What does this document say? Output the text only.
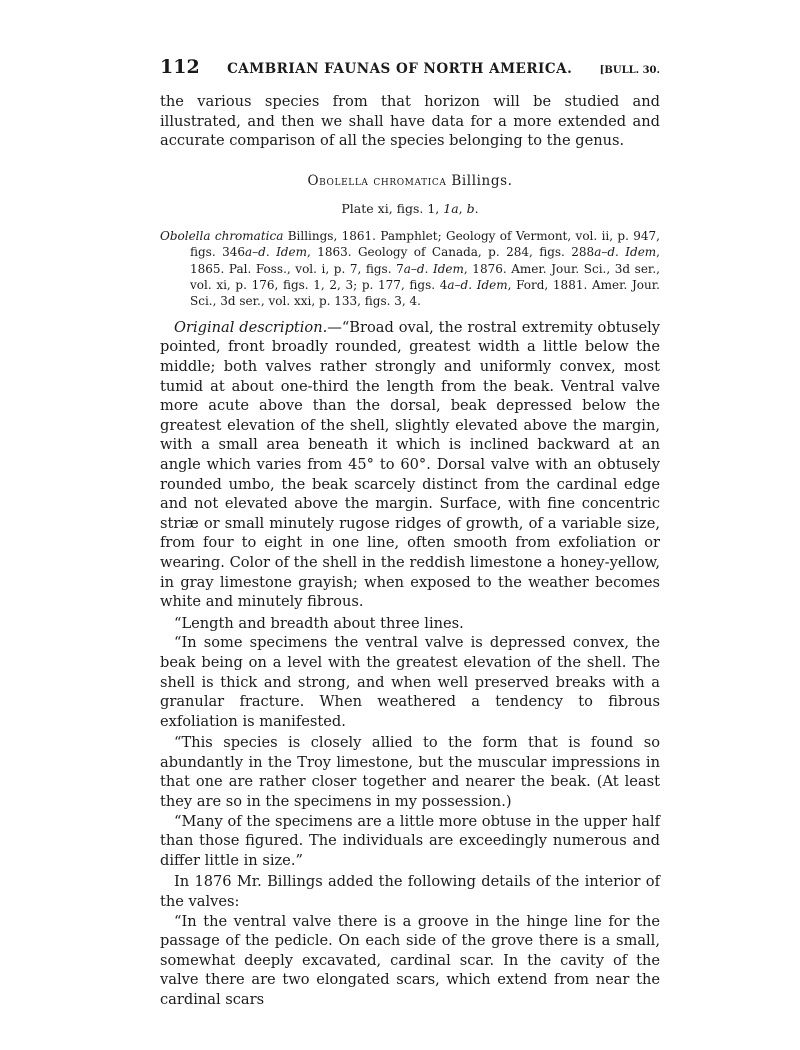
112 CAMBRIAN FAUNAS OF NORTH AMERICA.	[BULL. 30.

the various species from that horizon will be studied and illustrated, and then we shall have data for a more extended and accurate comparison of all the species belonging to the genus.

Obolella chromatica Billings.
Plate xi, figs. 1, 1a, b.

Obolella chromatica Billings, 1861. Pamphlet; Geology of Vermont, vol. ii, p. 947, figs. 346a–d. Idem, 1863. Geology of Canada, p. 284, figs. 288a–d. Idem, 1865. Pal. Foss., vol. i, p. 7, figs. 7a–d. Idem, 1876. Amer. Jour. Sci., 3d ser., vol. xi, p. 176, figs. 1, 2, 3; p. 177, figs. 4a–d. Idem, Ford, 1881. Amer. Jour. Sci., 3d ser., vol. xxi, p. 133, figs. 3, 4.

Original description.—“Broad oval, the rostral extremity obtusely pointed, front broadly rounded, greatest width a little below the middle; both valves rather strongly and uniformly convex, most tumid at about one-third the length from the beak. Ventral valve more acute above than the dorsal, beak depressed below the greatest elevation of the shell, slightly elevated above the margin, with a small area beneath it which is inclined backward at an angle which varies from 45° to 60°. Dorsal valve with an obtusely rounded umbo, the beak scarcely distinct from the cardinal edge and not elevated above the margin. Surface, with fine concentric striæ or small minutely rugose ridges of growth, of a variable size, from four to eight in one line, often smooth from exfoliation or wearing. Color of the shell in the reddish limestone a honey-yellow, in gray limestone grayish; when exposed to the weather becomes white and minutely fibrous.

“Length and breadth about three lines.

“In some specimens the ventral valve is depressed convex, the beak being on a level with the greatest elevation of the shell. The shell is thick and strong, and when well preserved breaks with a granular fracture. When weathered a tendency to fibrous exfoliation is manifested.

“This species is closely allied to the form that is found so abundantly in the Troy limestone, but the muscular impressions in that one are rather closer together and nearer the beak. (At least they are so in the specimens in my possession.)

“Many of the specimens are a little more obtuse in the upper half than those figured. The individuals are exceedingly numerous and differ little in size.”

In 1876 Mr. Billings added the following details of the interior of the valves:

“In the ventral valve there is a groove in the hinge line for the passage of the pedicle. On each side of the grove there is a small, somewhat deeply excavated, cardinal scar. In the cavity of the valve there are two elongated scars, which extend from near the cardinal scars
